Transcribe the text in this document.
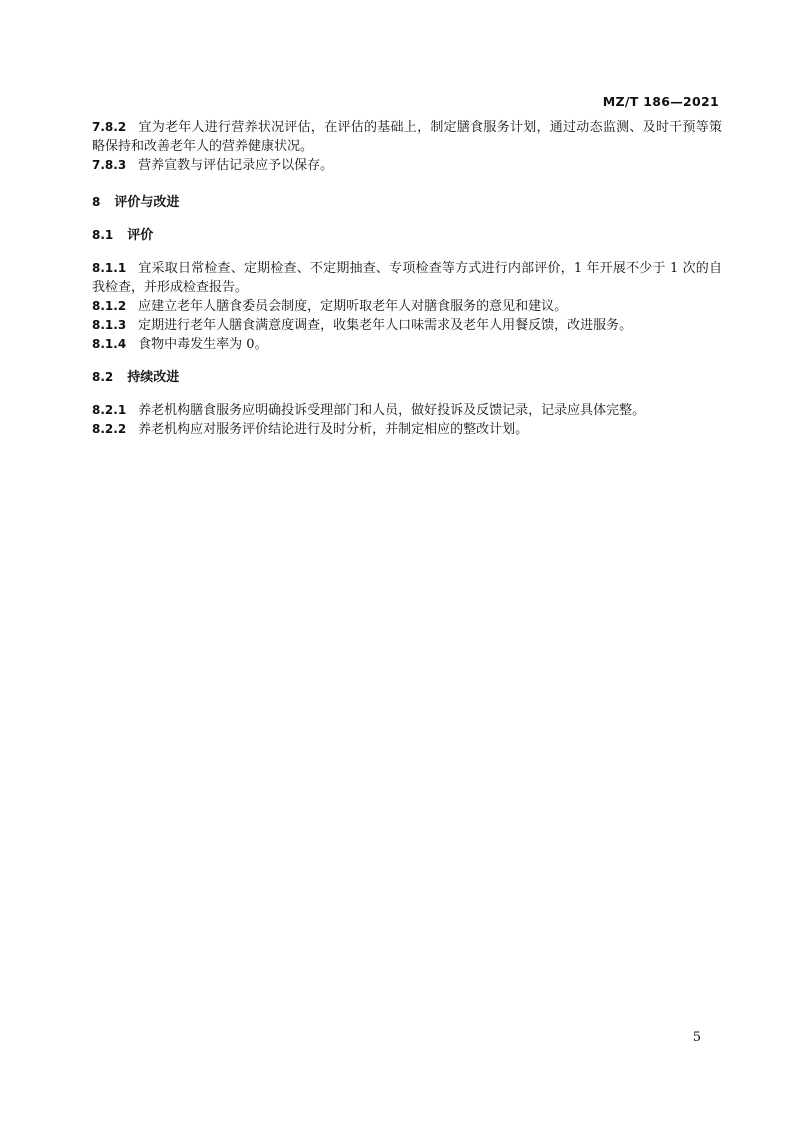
MZ/T 186—2021

7.8.2 宜为老年人进行营养状况评估，在评估的基础上，制定膳食服务计划，通过动态监测、及时干预等策略保持和改善老年人的营养健康状况。

7.8.3 营养宣教与评估记录应予以保存。

8 评价与改进

8.1 评价

8.1.1 宜采取日常检查、定期检查、不定期抽查、专项检查等方式进行内部评价，1 年开展不少于 1 次的自我检查，并形成检查报告。

8.1.2 应建立老年人膳食委员会制度，定期听取老年人对膳食服务的意见和建议。

8.1.3 定期进行老年人膳食满意度调查，收集老年人口味需求及老年人用餐反馈，改进服务。

8.1.4 食物中毒发生率为 0。

8.2 持续改进

8.2.1 养老机构膳食服务应明确投诉受理部门和人员，做好投诉及反馈记录，记录应具体完整。

8.2.2 养老机构应对服务评价结论进行及时分析，并制定相应的整改计划。

5
